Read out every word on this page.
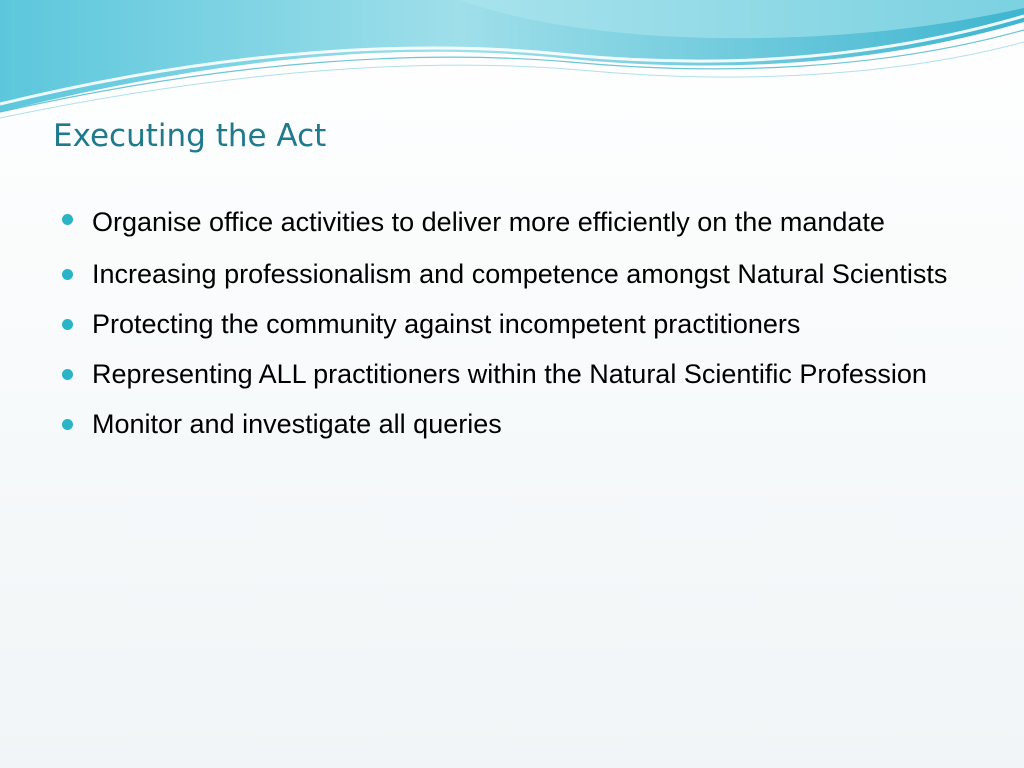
Executing the Act
Organise office activities to deliver more efficiently on the mandate
Increasing professionalism and competence amongst Natural Scientists
Protecting the community against incompetent practitioners
Representing ALL practitioners within the Natural Scientific Profession
Monitor and investigate all queries
